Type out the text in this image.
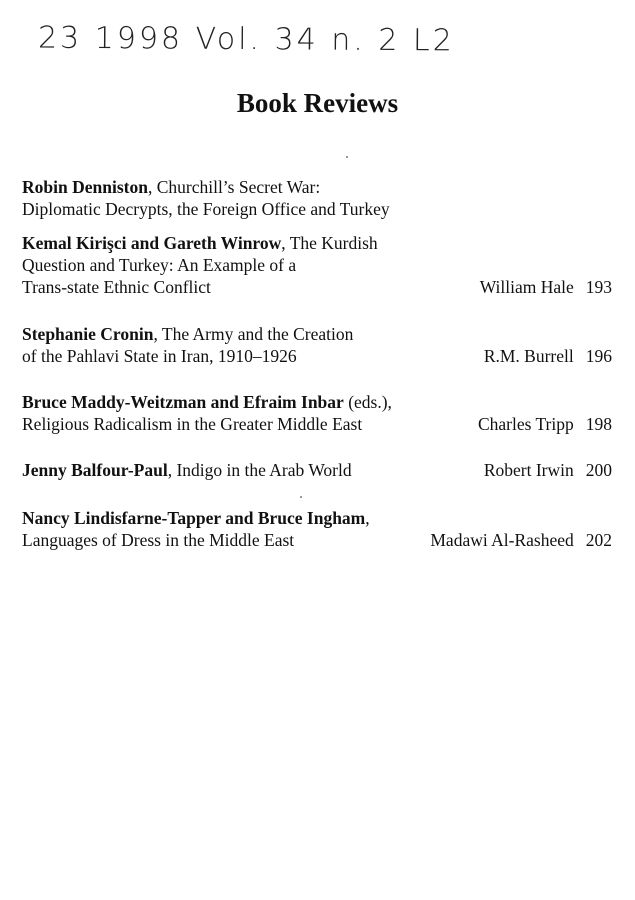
23 1998 Vol. 34 n. 2 L2
Book Reviews
Robin Denniston, Churchill’s Secret War:
Diplomatic Decrypts, the Foreign Office and Turkey
Kemal Kirişci and Gareth Winrow, The Kurdish
Question and Turkey: An Example of a
Trans-state Ethnic Conflict	William Hale 193
Stephanie Cronin, The Army and the Creation
of the Pahlavi State in Iran, 1910–1926	R.M. Burrell 196
Bruce Maddy-Weitzman and Efraim Inbar (eds.),
Religious Radicalism in the Greater Middle East	Charles Tripp 198
Jenny Balfour-Paul, Indigo in the Arab World	Robert Irwin 200
Nancy Lindisfarne-Tapper and Bruce Ingham,
Languages of Dress in the Middle East	Madawi Al-Rasheed 202
